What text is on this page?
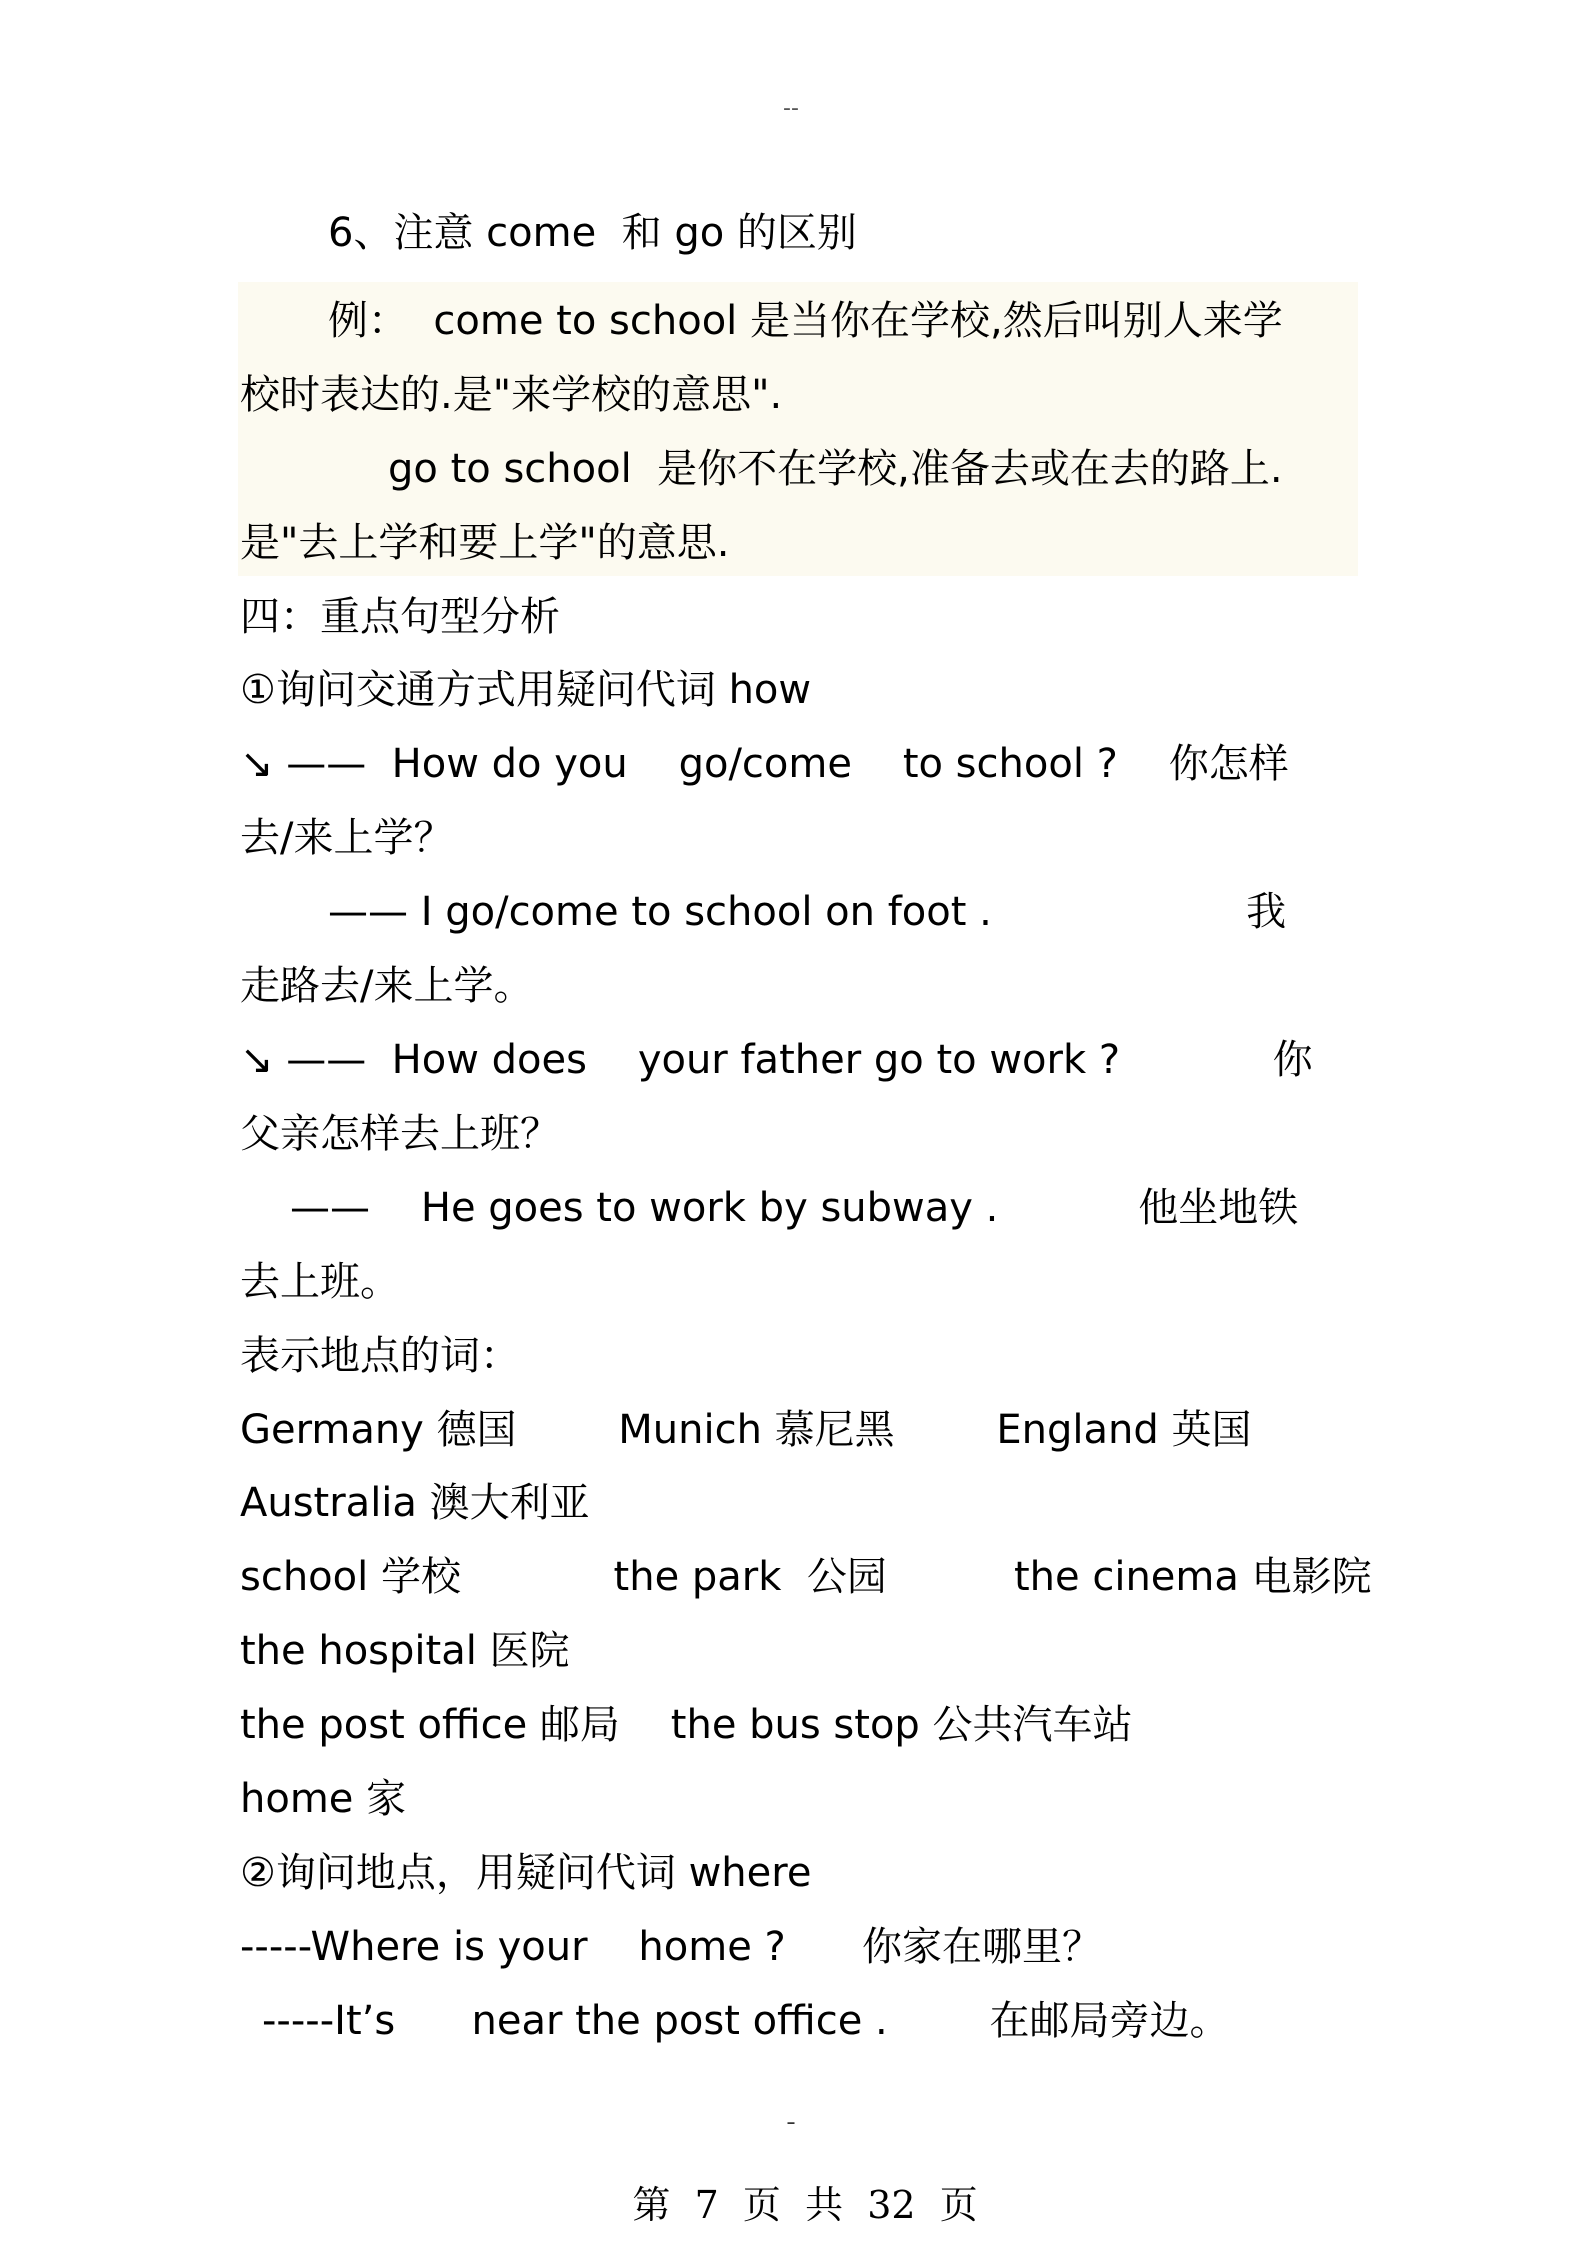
--
6、注意 come  和 go 的区别
例：  come to school 是当你在学校,然后叫别人来学
校时表达的.是"来学校的意思".
go to school  是你不在学校,准备去或在去的路上.
是"去上学和要上学"的意思.
四：重点句型分析
①询问交通方式用疑问代词 how
↘ ——  How do you    go/come    to school ?    你怎样
去/来上学？
—— I go/come to school on foot .                    我
走路去/来上学。
↘ ——  How does    your father go to work ?            你
父亲怎样去上班？
——    He goes to work by subway .           他坐地铁
去上班。
表示地点的词：
Germany 德国        Munich 慕尼黑        England 英国
Australia 澳大利亚
school 学校            the park  公园          the cinema 电影院
the hospital 医院
the post office 邮局    the bus stop 公共汽车站
home 家
②询问地点，用疑问代词 where
-----Where is your    home ?      你家在哪里？
-----It’s      near the post office .        在邮局旁边。

第  7  页  共  32  页

¯
